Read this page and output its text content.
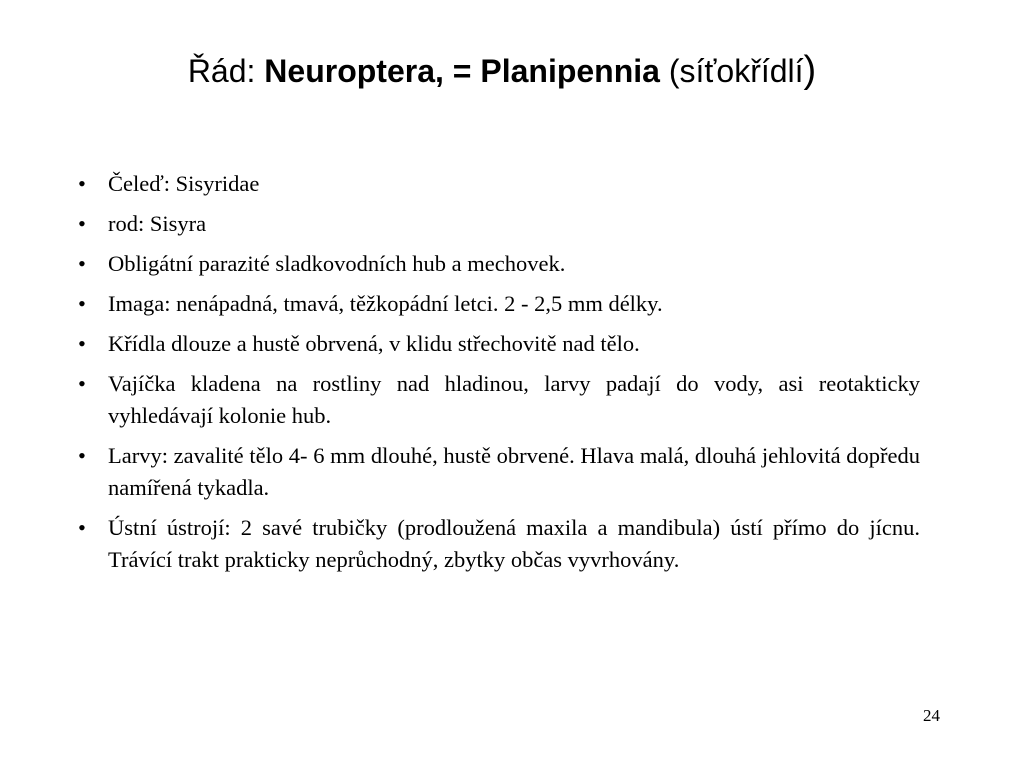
Řád: Neuroptera, = Planipennia (síťokřídlí)
• Čeleď: Sisyridae
• rod: Sisyra
• Obligátní parazité sladkovodních hub a mechovek.
• Imaga: nenápadná, tmavá, těžkopádní letci. 2 - 2,5 mm délky.
• Křídla dlouze a hustě obrvená, v klidu střechovitě nad tělo.
• Vajíčka kladena na rostliny nad hladinou, larvy padají do vody, asi reotakticky vyhledávají kolonie hub.
• Larvy: zavalité tělo 4- 6 mm dlouhé, hustě obrvené. Hlava malá, dlouhá jehlovitá dopředu namířená tykadla.
• Ústní ústrojí: 2 savé trubičky (prodloužená maxila a mandibula) ústí přímo do jícnu. Trávící trakt prakticky neprůchodný, zbytky občas vyvrhovány.
24
